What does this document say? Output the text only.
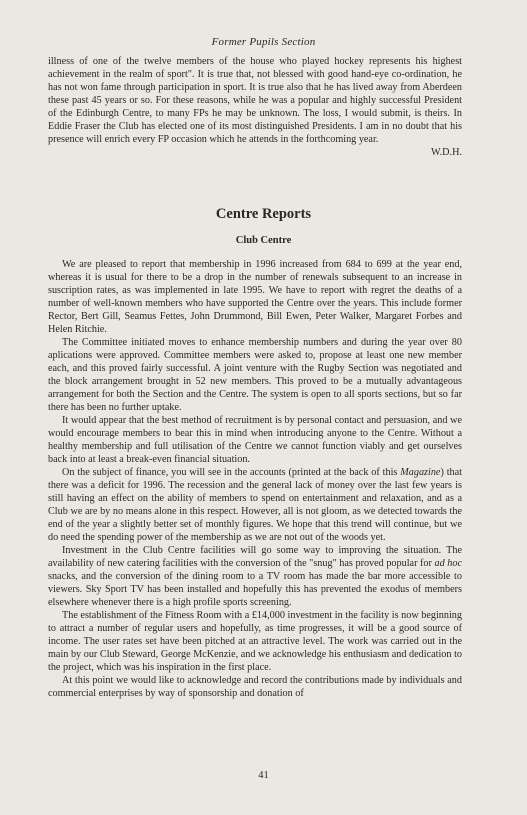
Former Pupils Section

illness of one of the twelve members of the house who played hockey represents his highest achievement in the realm of sport". It is true that, not blessed with good hand-eye co-ordination, he has not won fame through participation in sport. It is true also that he has lived away from Aberdeen these past 45 years or so. For these reasons, while he was a popular and highly successful President of the Edinburgh Centre, to many FPs he may be unknown. The loss, I would submit, is theirs. In Eddie Fraser the Club has elected one of its most distinguished Presidents. I am in no doubt that his presence will enrich every FP occasion which he attends in the forthcoming year.

W.D.H.

Centre Reports
Club Centre

We are pleased to report that membership in 1996 increased from 684 to 699 at the year end, whereas it is usual for there to be a drop in the number of renewals subsequent to an increase in suscription rates, as was implemented in late 1995. We have to report with regret the deaths of a number of well-known members who have supported the Centre over the years. This include former Rector, Bert Gill, Seamus Fettes, John Drummond, Bill Ewen, Peter Walker, Margaret Forbes and Helen Ritchie.

The Committee initiated moves to enhance membership numbers and during the year over 80 aplications were approved. Committee members were asked to, propose at least one new member each, and this proved fairly successful. A joint venture with the Rugby Section was negotiated and the block arrangement brought in 52 new members. This proved to be a mutually advantageous arrangement for both the Section and the Centre. The system is open to all sports sections, but so far there has been no further uptake.

It would appear that the best method of recruitment is by personal contact and persuasion, and we would encourage members to bear this in mind when introducing anyone to the Centre. Without a healthy membership and full utilisation of the Centre we cannot function viably and get ourselves back into at least a break-even financial situation.

On the subject of finance, you will see in the accounts (printed at the back of this Magazine) that there was a deficit for 1996. The recession and the general lack of money over the last few years is still having an effect on the ability of members to spend on entertainment and relaxation, and as a Club we are by no means alone in this respect. However, all is not gloom, as we detected towards the end of the year a slightly better set of monthly figures. We hope that this trend will continue, but we do need the spending power of the membership as we are not out of the woods yet.

Investment in the Club Centre facilities will go some way to improving the situation. The availability of new catering facilities with the conversion of the "snug" has proved popular for ad hoc snacks, and the conversion of the dining room to a TV room has made the bar more accessible to viewers. Sky Sport TV has been installed and hopefully this has prevented the exodus of members elsewhere whenever there is a high profile sports screening.

The establishment of the Fitness Room with a £14,000 investment in the facility is now beginning to attract a number of regular users and hopefully, as time progresses, it will be a good source of income. The user rates set have been pitched at an attractive level. The work was carried out in the main by our Club Steward, George McKenzie, and we acknowledge his enthusiasm and dedication to the project, which was his inspiration in the first place.

At this point we would like to acknowledge and record the contributions made by individuals and commercial enterprises by way of sponsorship and donation of

41
